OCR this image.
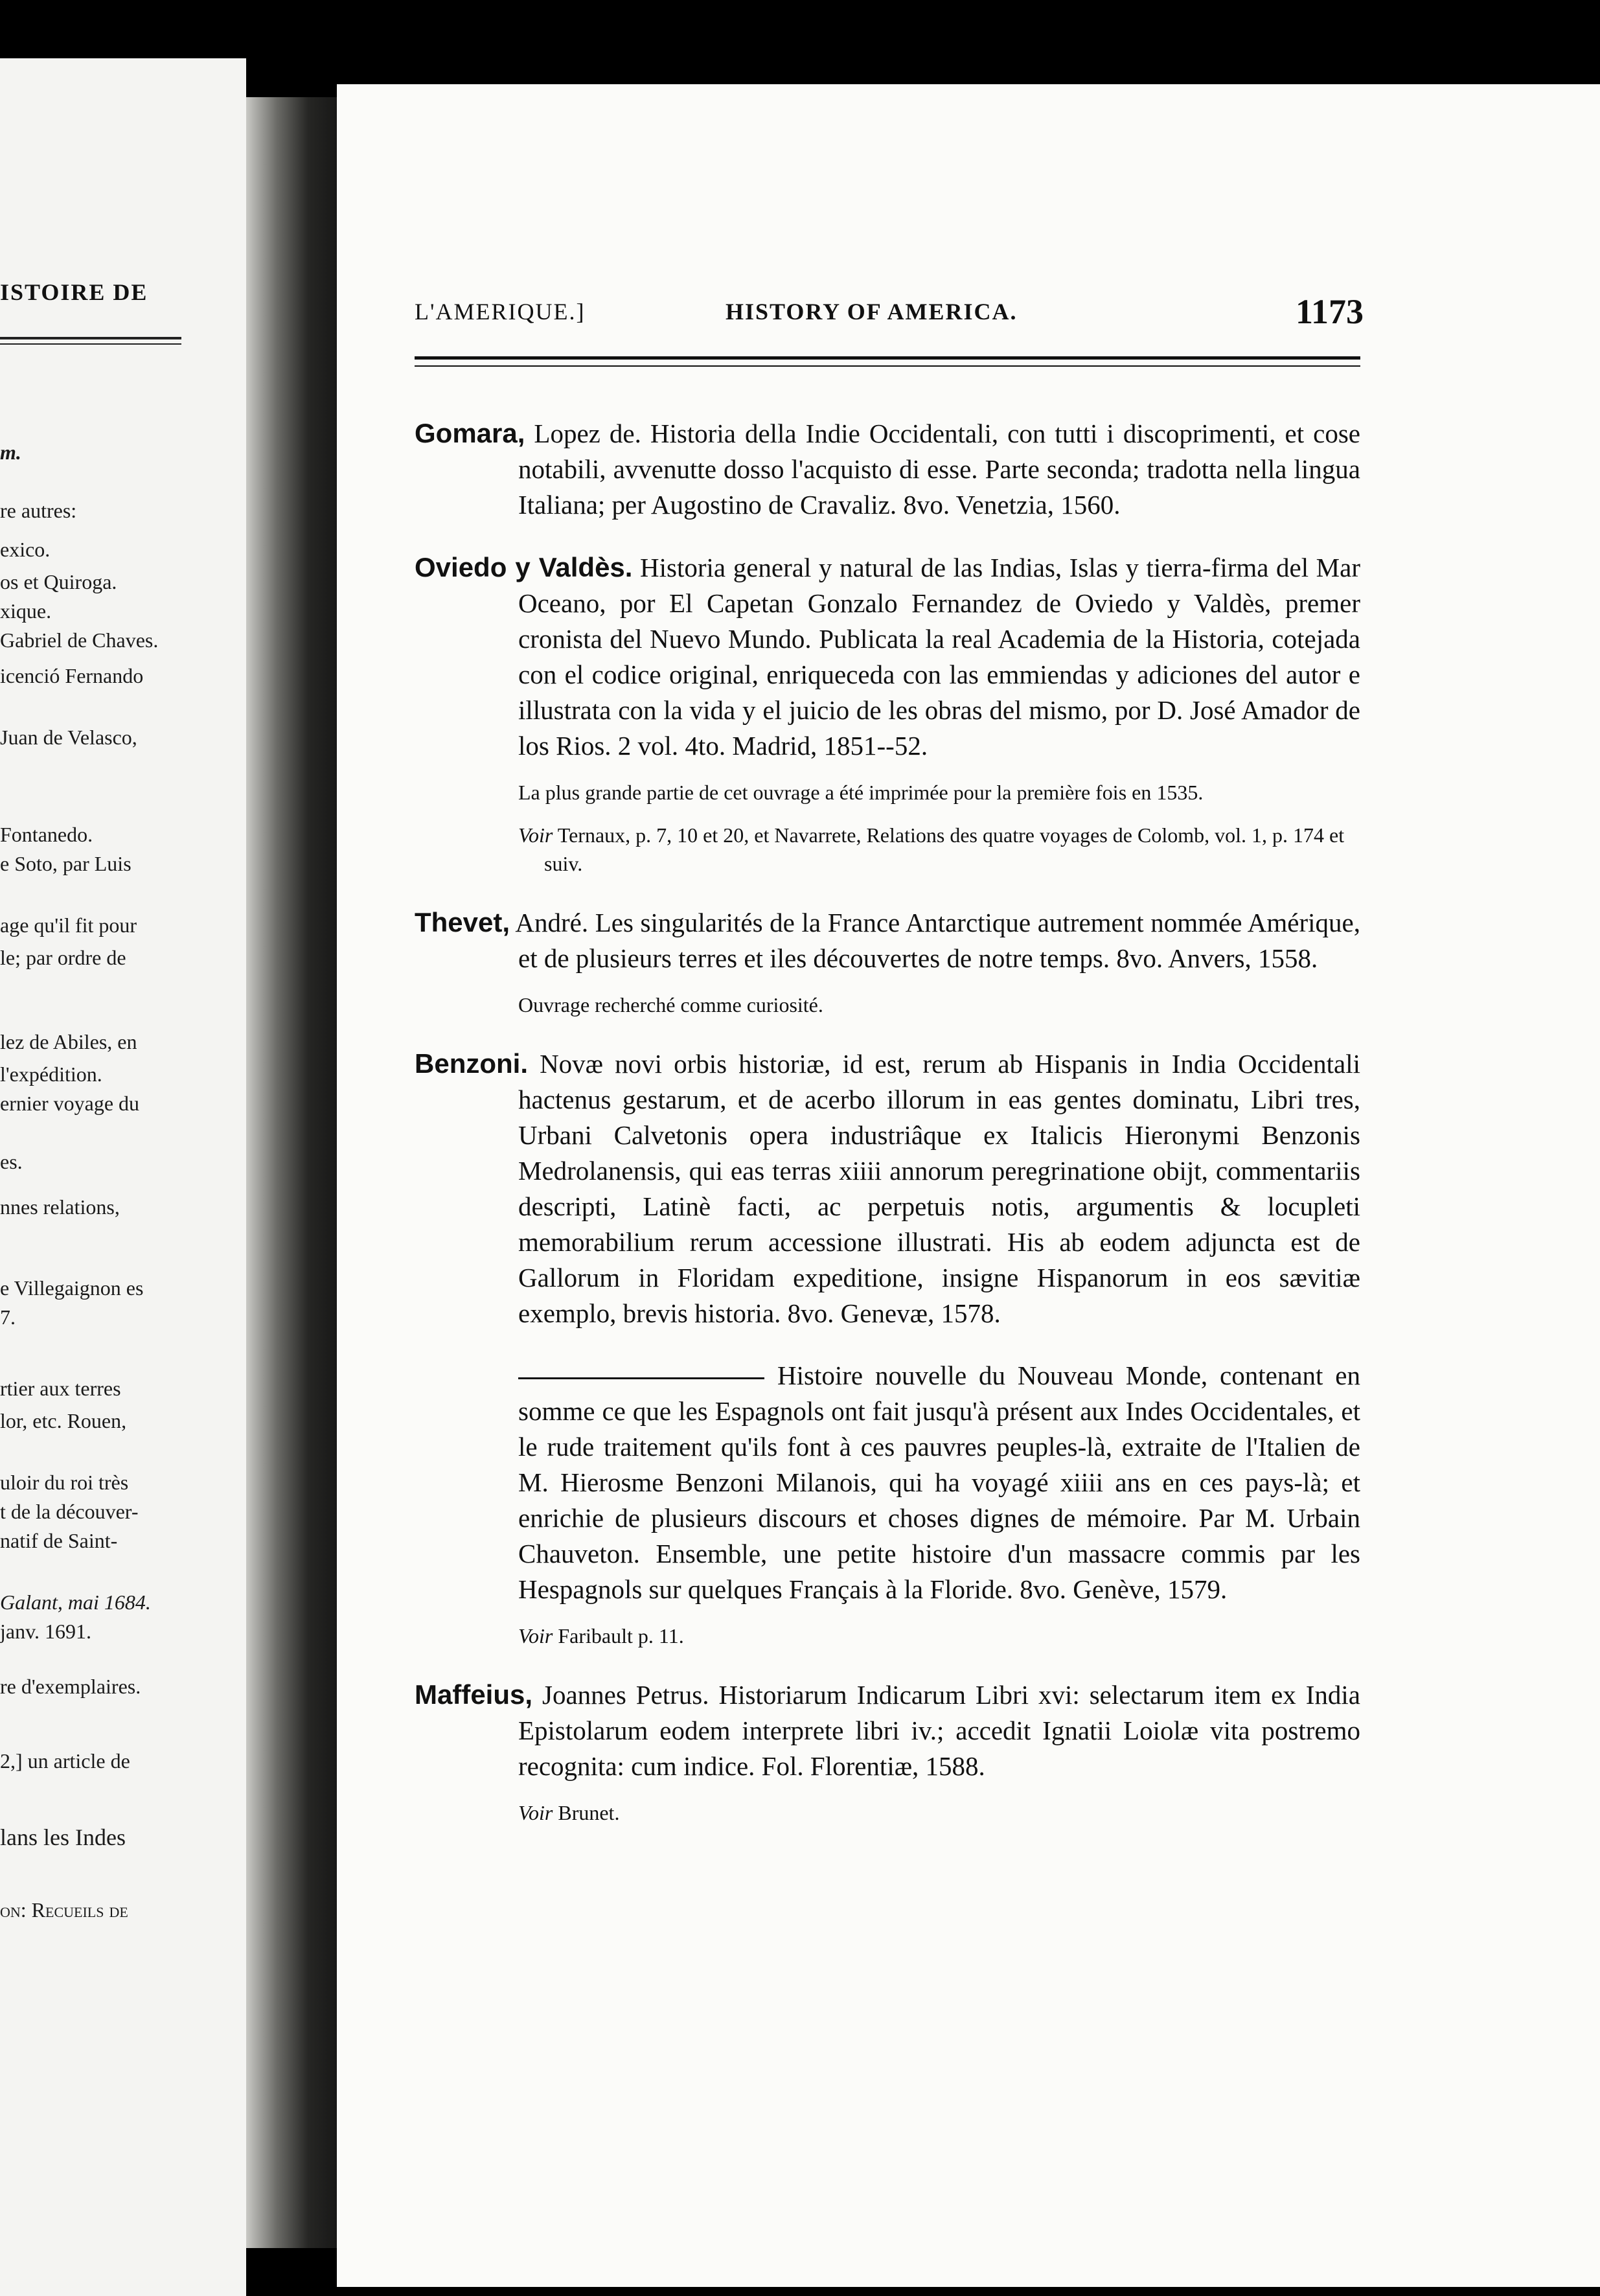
ISTOIRE DE
m.
re autres:
exico.
os et Quiroga.
xique.
Gabriel de Chaves.
icenció Fernando
Juan de Velasco,
Fontanedo.
e Soto, par Luis
age qu'il fit pour
le; par ordre de
lez de Abiles, en
l'expédition.
ernier voyage du
es.
nnes relations,
e Villegaignon es
7.
rtier aux terres
lor, etc. Rouen,
uloir du roi très
t de la découver-
natif de Saint-
Galant, mai 1684.
janv. 1691.
re d'exemplaires.
2,] un article de
lans les Indes
on: Recueils de
L'AMERIQUE.]	HISTORY OF AMERICA.	1173

Gomara, Lopez de. Historia della Indie Occidentali, con tutti i discoprimenti, et cose notabili, avvenutte dosso l'acquisto di esse. Parte seconda; tradotta nella lingua Italiana; per Augostino de Cravaliz. 8vo. Venetzia, 1560.

Oviedo y Valdès. Historia general y natural de las Indias, Islas y tierra-firma del Mar Oceano, por El Capetan Gonzalo Fernandez de Oviedo y Valdès, premer cronista del Nuevo Mundo. Publicata la real Academia de la Historia, cotejada con el codice original, enriqueceda con las emmiendas y adiciones del autor e illustrata con la vida y el juicio de les obras del mismo, por D. José Amador de los Rios. 2 vol. 4to. Madrid, 1851--52.

La plus grande partie de cet ouvrage a été imprimée pour la première fois en 1535.

Voir Ternaux, p. 7, 10 et 20, et Navarrete, Relations des quatre voyages de Colomb, vol. 1, p. 174 et suiv.

Thevet, André. Les singularités de la France Antarctique autrement nommée Amérique, et de plusieurs terres et iles découvertes de notre temps. 8vo. Anvers, 1558.

Ouvrage recherché comme curiosité.

Benzoni. Novæ novi orbis historiæ, id est, rerum ab Hispanis in India Occidentali hactenus gestarum, et de acerbo illorum in eas gentes dominatu, Libri tres, Urbani Calvetonis opera industriâque ex Italicis Hieronymi Benzonis Medrolanensis, qui eas terras xiiii annorum peregrinatione obijt, commentariis descripti, Latinè facti, ac perpetuis notis, argumentis & locupleti memorabilium rerum accessione illustrati. His ab eodem adjuncta est de Gallorum in Floridam expeditione, insigne Hispanorum in eos sævitiæ exemplo, brevis historia. 8vo. Genevæ, 1578.

Histoire nouvelle du Nouveau Monde, contenant en somme ce que les Espagnols ont fait jusqu'à présent aux Indes Occidentales, et le rude traitement qu'ils font à ces pauvres peuples-là, extraite de l'Italien de M. Hierosme Benzoni Milanois, qui ha voyagé xiiii ans en ces pays-là; et enrichie de plusieurs discours et choses dignes de mémoire. Par M. Urbain Chauveton. Ensemble, une petite histoire d'un massacre commis par les Hespagnols sur quelques Français à la Floride. 8vo. Genève, 1579.

Voir Faribault p. 11.

Maffeius, Joannes Petrus. Historiarum Indicarum Libri xvi: selectarum item ex India Epistolarum eodem interprete libri iv.; accedit Ignatii Loiolæ vita postremo recognita: cum indice. Fol. Florentiæ, 1588.

Voir Brunet.
